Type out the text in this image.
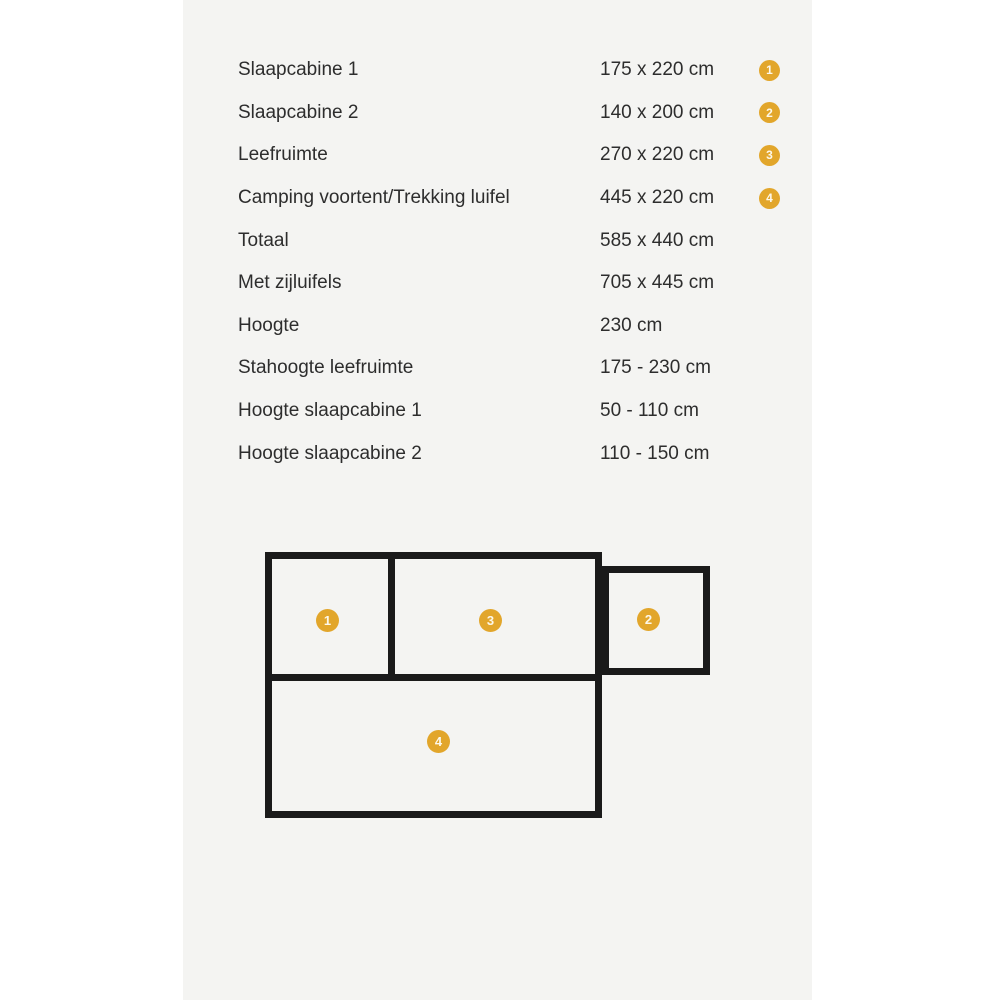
Slaapcabine 1	175 x 220 cm	1
Slaapcabine 2	140 x 200 cm	2
Leefruimte	270 x 220 cm	3
Camping voortent/Trekking luifel	445 x 220 cm	4
Totaal	585 x 440 cm
Met zijluifels	705 x 445 cm
Hoogte	230 cm
Stahoogte leefruimte	175 - 230 cm
Hoogte slaapcabine 1	50 - 110 cm
Hoogte slaapcabine 2	110 - 150 cm
1	3	2
4
